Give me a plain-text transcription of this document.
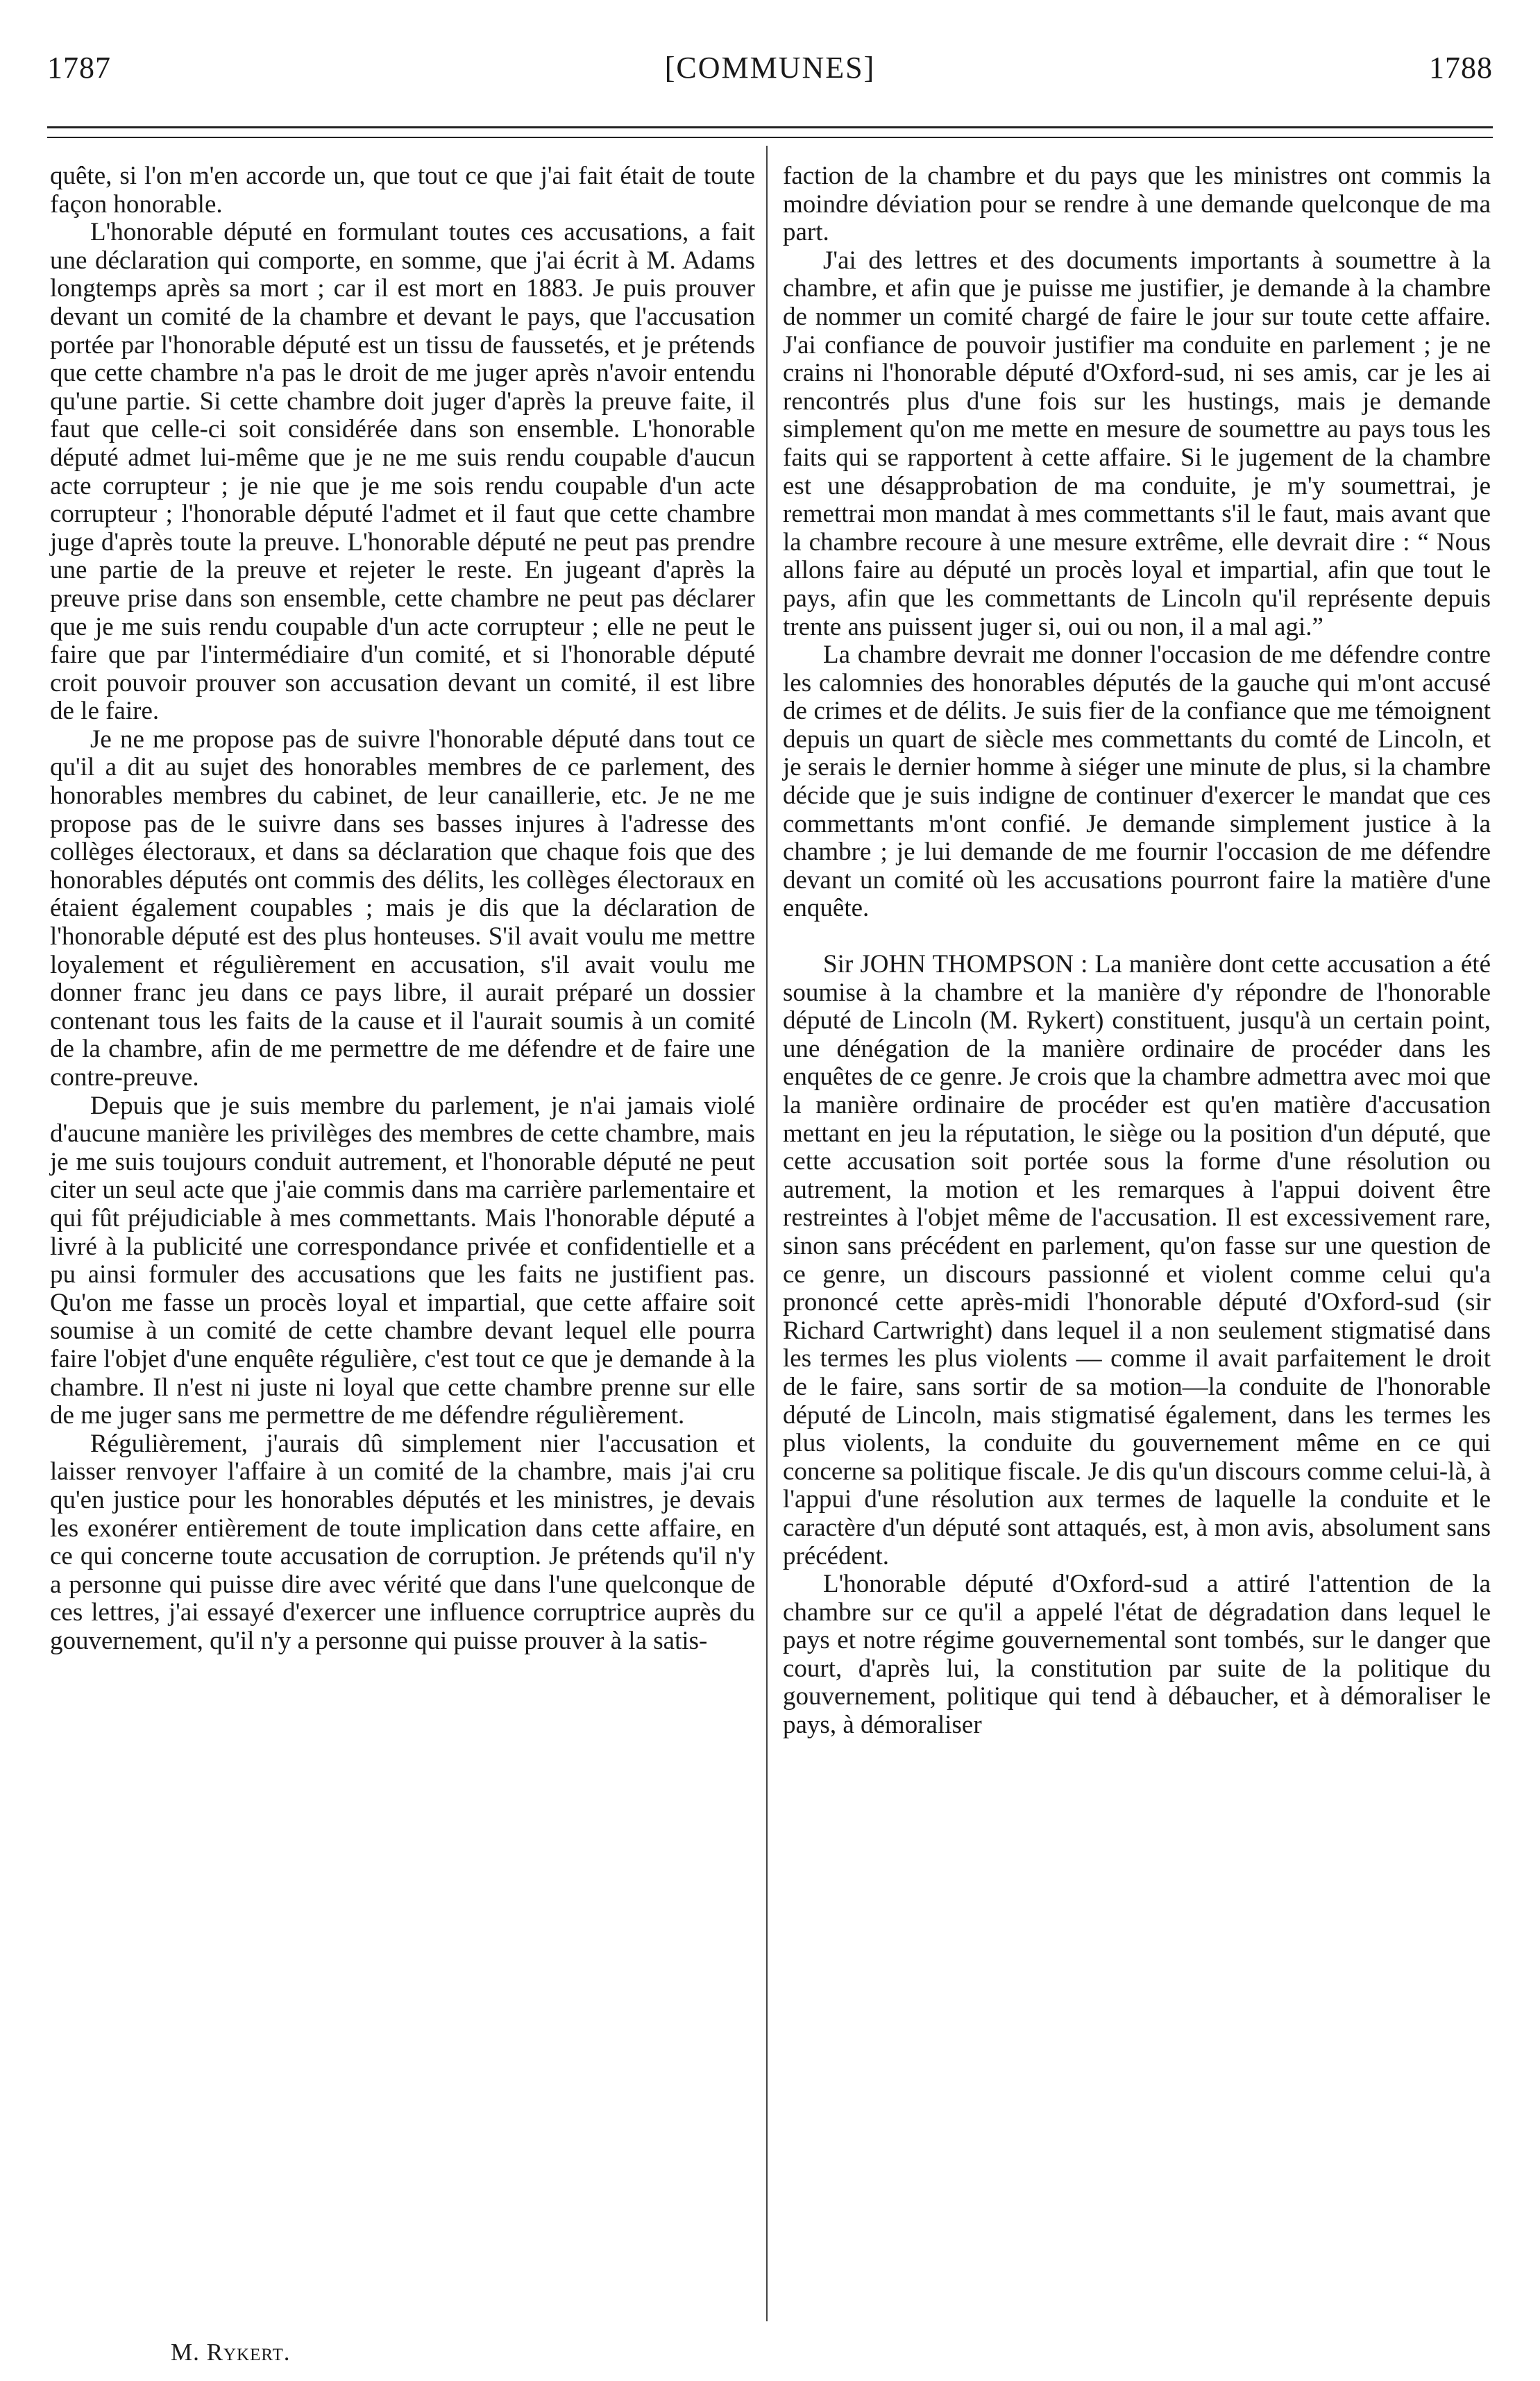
1787	[COMMUNES]	1788

quête, si l'on m'en accorde un, que tout ce que j'ai fait était de toute façon honorable.

L'honorable député en formulant toutes ces accusations, a fait une déclaration qui comporte, en somme, que j'ai écrit à M. Adams longtemps après sa mort ; car il est mort en 1883. Je puis prouver devant un comité de la chambre et devant le pays, que l'accusation portée par l'honorable député est un tissu de faussetés, et je prétends que cette chambre n'a pas le droit de me juger après n'avoir entendu qu'une partie. Si cette chambre doit juger d'après la preuve faite, il faut que celle-ci soit considérée dans son ensemble. L'honorable député admet lui-même que je ne me suis rendu coupable d'aucun acte corrupteur ; je nie que je me sois rendu coupable d'un acte corrupteur ; l'honorable député l'admet et il faut que cette chambre juge d'après toute la preuve. L'honorable député ne peut pas prendre une partie de la preuve et rejeter le reste. En jugeant d'après la preuve prise dans son ensemble, cette chambre ne peut pas déclarer que je me suis rendu coupable d'un acte corrupteur ; elle ne peut le faire que par l'intermédiaire d'un comité, et si l'honorable député croit pouvoir prouver son accusation devant un comité, il est libre de le faire.

Je ne me propose pas de suivre l'honorable député dans tout ce qu'il a dit au sujet des honorables membres de ce parlement, des honorables membres du cabinet, de leur canaillerie, etc. Je ne me propose pas de le suivre dans ses basses injures à l'adresse des collèges électoraux, et dans sa déclaration que chaque fois que des honorables députés ont commis des délits, les collèges électoraux en étaient également coupables ; mais je dis que la déclaration de l'honorable député est des plus honteuses. S'il avait voulu me mettre loyalement et régulièrement en accusation, s'il avait voulu me donner franc jeu dans ce pays libre, il aurait préparé un dossier contenant tous les faits de la cause et il l'aurait soumis à un comité de la chambre, afin de me permettre de me défendre et de faire une contre-preuve.

Depuis que je suis membre du parlement, je n'ai jamais violé d'aucune manière les privilèges des membres de cette chambre, mais je me suis toujours conduit autrement, et l'honorable député ne peut citer un seul acte que j'aie commis dans ma carrière parlementaire et qui fût préjudiciable à mes commettants. Mais l'honorable député a livré à la publicité une correspondance privée et confidentielle et a pu ainsi formuler des accusations que les faits ne justifient pas. Qu'on me fasse un procès loyal et impartial, que cette affaire soit soumise à un comité de cette chambre devant lequel elle pourra faire l'objet d'une enquête régulière, c'est tout ce que je demande à la chambre. Il n'est ni juste ni loyal que cette chambre prenne sur elle de me juger sans me permettre de me défendre régulièrement.

Régulièrement, j'aurais dû simplement nier l'accusation et laisser renvoyer l'affaire à un comité de la chambre, mais j'ai cru qu'en justice pour les honorables députés et les ministres, je devais les exonérer entièrement de toute implication dans cette affaire, en ce qui concerne toute accusation de corruption. Je prétends qu'il n'y a personne qui puisse dire avec vérité que dans l'une quelconque de ces lettres, j'ai essayé d'exercer une influence corruptrice auprès du gouvernement, qu'il n'y a personne qui puisse prouver à la satis-

M. Rykert.

faction de la chambre et du pays que les ministres ont commis la moindre déviation pour se rendre à une demande quelconque de ma part.

J'ai des lettres et des documents importants à soumettre à la chambre, et afin que je puisse me justifier, je demande à la chambre de nommer un comité chargé de faire le jour sur toute cette affaire. J'ai confiance de pouvoir justifier ma conduite en parlement ; je ne crains ni l'honorable député d'Oxford-sud, ni ses amis, car je les ai rencontrés plus d'une fois sur les hustings, mais je demande simplement qu'on me mette en mesure de soumettre au pays tous les faits qui se rapportent à cette affaire. Si le jugement de la chambre est une désapprobation de ma conduite, je m'y soumettrai, je remettrai mon mandat à mes commettants s'il le faut, mais avant que la chambre recoure à une mesure extrême, elle devrait dire : “ Nous allons faire au député un procès loyal et impartial, afin que tout le pays, afin que les commettants de Lincoln qu'il représente depuis trente ans puissent juger si, oui ou non, il a mal agi.”

La chambre devrait me donner l'occasion de me défendre contre les calomnies des honorables députés de la gauche qui m'ont accusé de crimes et de délits. Je suis fier de la confiance que me témoignent depuis un quart de siècle mes commettants du comté de Lincoln, et je serais le dernier homme à siéger une minute de plus, si la chambre décide que je suis indigne de continuer d'exercer le mandat que ces commettants m'ont confié. Je demande simplement justice à la chambre ; je lui demande de me fournir l'occasion de me défendre devant un comité où les accusations pourront faire la matière d'une enquête.

Sir JOHN THOMPSON : La manière dont cette accusation a été soumise à la chambre et la manière d'y répondre de l'honorable député de Lincoln (M. Rykert) constituent, jusqu'à un certain point, une dénégation de la manière ordinaire de procéder dans les enquêtes de ce genre. Je crois que la chambre admettra avec moi que la manière ordinaire de procéder est qu'en matière d'accusation mettant en jeu la réputation, le siège ou la position d'un député, que cette accusation soit portée sous la forme d'une résolution ou autrement, la motion et les remarques à l'appui doivent être restreintes à l'objet même de l'accusation. Il est excessivement rare, sinon sans précédent en parlement, qu'on fasse sur une question de ce genre, un discours passionné et violent comme celui qu'a prononcé cette après-midi l'honorable député d'Oxford-sud (sir Richard Cartwright) dans lequel il a non seulement stigmatisé dans les termes les plus violents — comme il avait parfaitement le droit de le faire, sans sortir de sa motion—la conduite de l'honorable député de Lincoln, mais stigmatisé également, dans les termes les plus violents, la conduite du gouvernement même en ce qui concerne sa politique fiscale. Je dis qu'un discours comme celui-là, à l'appui d'une résolution aux termes de laquelle la conduite et le caractère d'un député sont attaqués, est, à mon avis, absolument sans précédent.

L'honorable député d'Oxford-sud a attiré l'attention de la chambre sur ce qu'il a appelé l'état de dégradation dans lequel le pays et notre régime gouvernemental sont tombés, sur le danger que court, d'après lui, la constitution par suite de la politique du gouvernement, politique qui tend à débaucher, et à démoraliser le pays, à démoraliser
